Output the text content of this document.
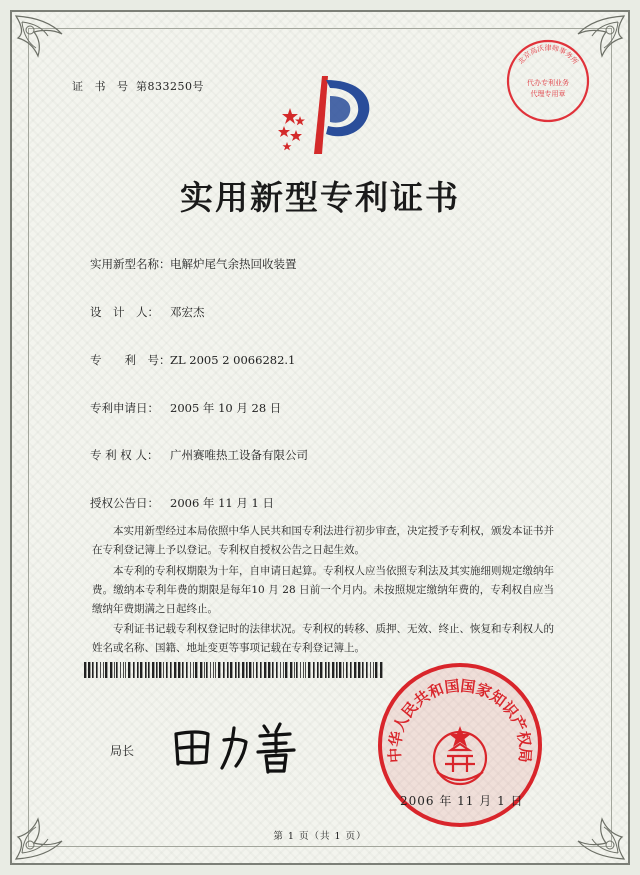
证 书 号 第833250号
北京高沃律师事务所
代办专利业务
代理专用章
实用新型专利证书
实用新型名称：电解炉尾气余热回收装置
设　计　人： 邓宏杰
专　　利　号：ZL 2005 2 0066282.1
专利申请日： 2005 年 10 月 28 日
专 利 权 人： 广州赛唯热工设备有限公司
授权公告日： 2006 年 11 月 1 日

本实用新型经过本局依照中华人民共和国专利法进行初步审查，决定授予专利权，颁发本证书并在专利登记簿上予以登记。专利权自授权公告之日起生效。

本专利的专利权期限为十年，自申请日起算。专利权人应当依照专利法及其实施细则规定缴纳年费。缴纳本专利年费的期限是每年10 月 28 日前一个月内。未按照规定缴纳年费的，专利权自应当缴纳年费期满之日起终止。

专利证书记载专利权登记时的法律状况。专利权的转移、质押、无效、终止、恢复和专利权人的姓名或名称、国籍、地址变更等事项记载在专利登记簿上。

局长	中华人民共和国国家知识产权局
2006 年 11 月 1 日
第 1 页（共 1 页）
